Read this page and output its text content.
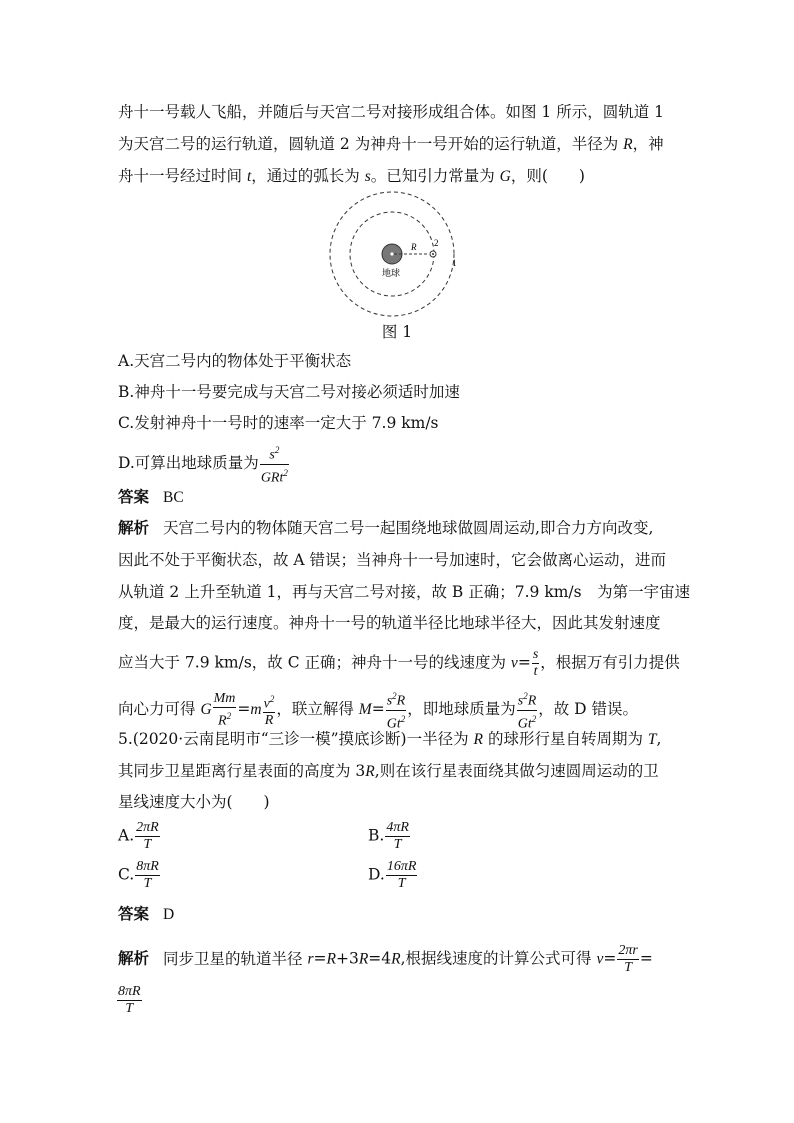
舟十一号载人飞船，并随后与天宫二号对接形成组合体。如图 1 所示，圆轨道 1
为天宫二号的运行轨道，圆轨道 2 为神舟十一号开始的运行轨道，半径为 R，神
舟十一号经过时间 t，通过的弧长为 s。已知引力常量为 G，则(　　)
R 2
1
地球
图 1
A.天宫二号内的物体处于平衡状态
B.神舟十一号要完成与天宫二号对接必须适时加速
C.发射神舟十一号时的速率一定大于 7.9 km/s
D.可算出地球质量为 $\frac{s^2}{GRt^2}$
答案 BC
解析 天宫二号内的物体随天宫二号一起围绕地球做圆周运动,即合力方向改变,
因此不处于平衡状态，故 A 错误；当神舟十一号加速时，它会做离心运动，进而
从轨道 2 上升至轨道 1，再与天宫二号对接，故 B 正确；7.9 km/s　为第一宇宙速
度，是最大的运行速度。神舟十一号的轨道半径比地球半径大，因此其发射速度
应当大于 7.9 km/s，故 C 正确；神舟十一号的线速度为 $v= \frac{s}{t}$ ，根据万有引力提供
向心力可得 G $\frac{Mm}{R^2} =m \frac{v^2}{R}$ ，联立解得 $M= \frac{s^2R}{Gt^2}$ ，即地球质量为 $\frac{s^2R}{Gt^2}$ ，故 D 错误。
5.(2020·云南昆明市“三诊一模”摸底诊断)一半径为 R 的球形行星自转周期为 T,
其同步卫星距离行星表面的高度为 3R,则在该行星表面绕其做匀速圆周运动的卫
星线速度大小为(　　)
A. $\frac{2\pi R}{T}$	B. $\frac{4\pi R}{T}$
C. $\frac{8\pi R}{T}$	D. $\frac{16\pi R}{T}$
答案 D
解析 同步卫星的轨道半径 r=R+3R=4R,根据线速度的计算公式可得 $v= \frac{2\pi r}{T}$ =
$\frac{8\pi R}{T}$
